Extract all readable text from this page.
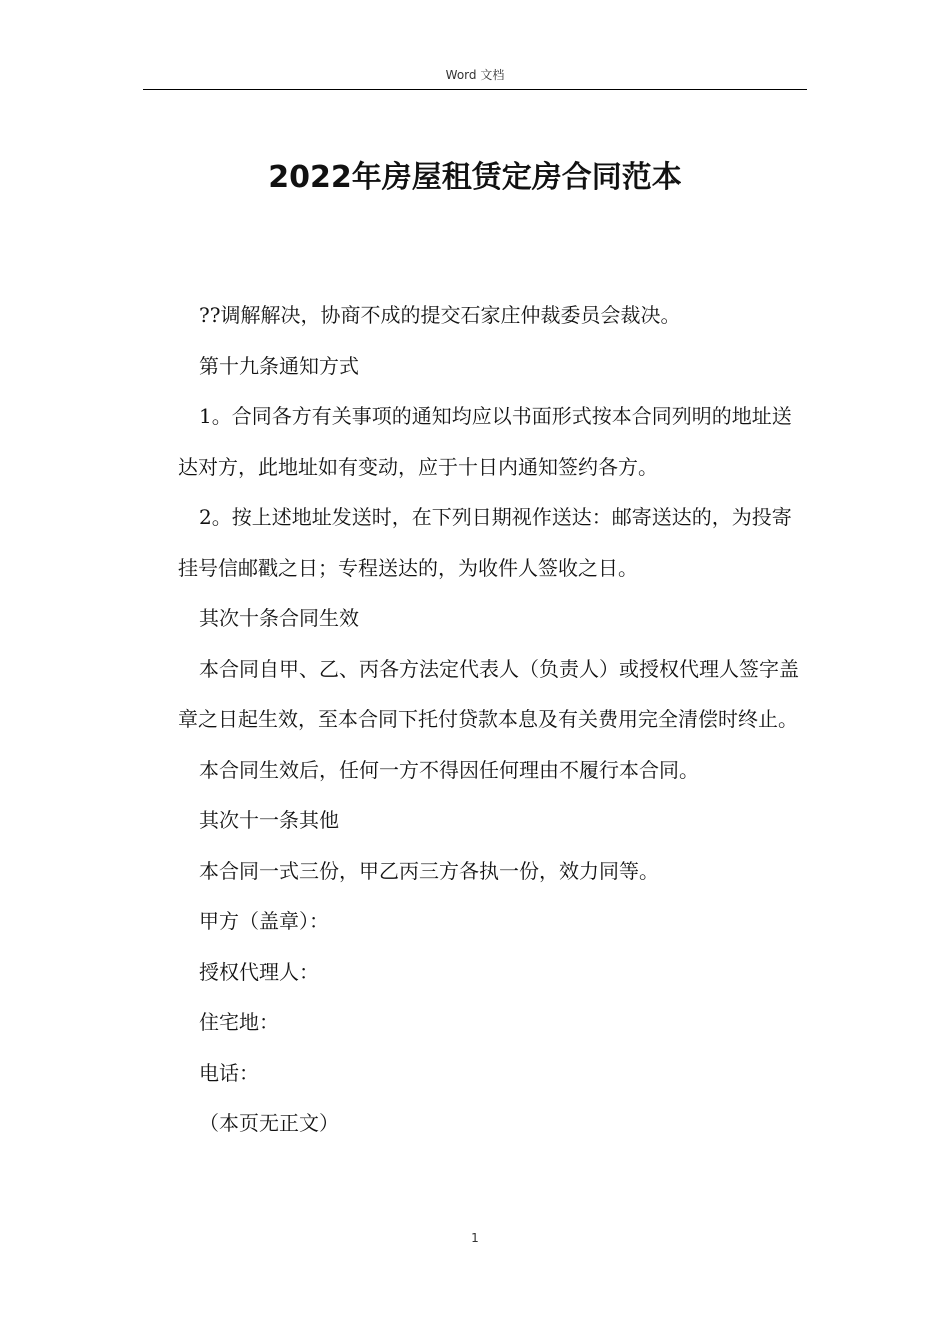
Word 文档
2022年房屋租赁定房合同范本

??调解解决，协商不成的提交石家庄仲裁委员会裁决。

第十九条通知方式

1。合同各方有关事项的通知均应以书面形式按本合同列明的地址送达对方，此地址如有变动，应于十日内通知签约各方。

2。按上述地址发送时，在下列日期视作送达：邮寄送达的，为投寄挂号信邮戳之日；专程送达的，为收件人签收之日。

其次十条合同生效

本合同自甲、乙、丙各方法定代表人（负责人）或授权代理人签字盖章之日起生效，至本合同下托付贷款本息及有关费用完全清偿时终止。

本合同生效后，任何一方不得因任何理由不履行本合同。

其次十一条其他

本合同一式三份，甲乙丙三方各执一份，效力同等。

甲方（盖章）：

授权代理人：

住宅地：

电话：

（本页无正文）

1
